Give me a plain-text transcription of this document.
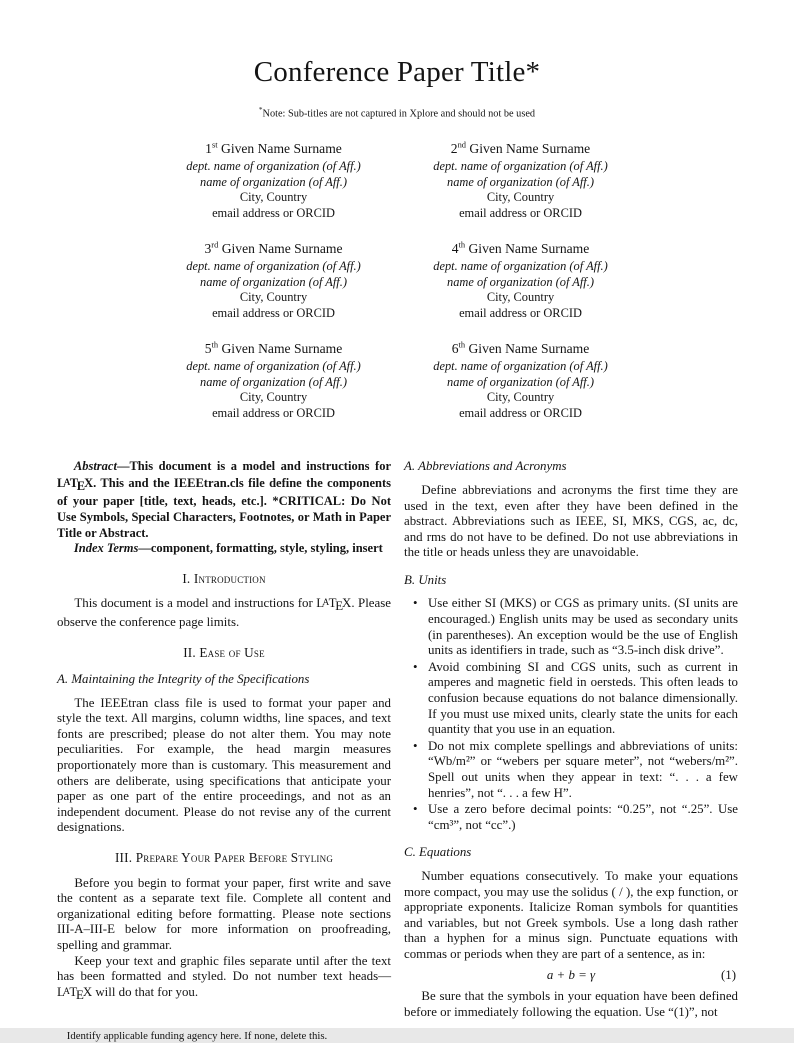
Conference Paper Title*
*Note: Sub-titles are not captured in Xplore and should not be used
1st Given Name Surname
dept. name of organization (of Aff.)
name of organization (of Aff.)
City, Country
email address or ORCID
2nd Given Name Surname
dept. name of organization (of Aff.)
name of organization (of Aff.)
City, Country
email address or ORCID
3rd Given Name Surname
dept. name of organization (of Aff.)
name of organization (of Aff.)
City, Country
email address or ORCID
4th Given Name Surname
dept. name of organization (of Aff.)
name of organization (of Aff.)
City, Country
email address or ORCID
5th Given Name Surname
dept. name of organization (of Aff.)
name of organization (of Aff.)
City, Country
email address or ORCID
6th Given Name Surname
dept. name of organization (of Aff.)
name of organization (of Aff.)
City, Country
email address or ORCID

Abstract—This document is a model and instructions for LATEX. This and the IEEEtran.cls file define the components of your paper [title, text, heads, etc.]. *CRITICAL: Do Not Use Symbols, Special Characters, Footnotes, or Math in Paper Title or Abstract.

Index Terms—component, formatting, style, styling, insert

I. Introduction

This document is a model and instructions for LATEX. Please observe the conference page limits.

II. Ease of Use
A. Maintaining the Integrity of the Specifications

The IEEEtran class file is used to format your paper and style the text. All margins, column widths, line spaces, and text fonts are prescribed; please do not alter them. You may note peculiarities. For example, the head margin measures proportionately more than is customary. This measurement and others are deliberate, using specifications that anticipate your paper as one part of the entire proceedings, and not as an independent document. Please do not revise any of the current designations.

III. Prepare Your Paper Before Styling

Before you begin to format your paper, first write and save the content as a separate text file. Complete all content and organizational editing before formatting. Please note sections III-A–III-E below for more information on proofreading, spelling and grammar.

Keep your text and graphic files separate until after the text has been formatted and styled. Do not number text heads—LATEX will do that for you.

Identify applicable funding agency here. If none, delete this.
A. Abbreviations and Acronyms

Define abbreviations and acronyms the first time they are used in the text, even after they have been defined in the abstract. Abbreviations such as IEEE, SI, MKS, CGS, ac, dc, and rms do not have to be defined. Do not use abbreviations in the title or heads unless they are unavoidable.

B. Units
• Use either SI (MKS) or CGS as primary units. (SI units are encouraged.) English units may be used as secondary units (in parentheses). An exception would be the use of English units as identifiers in trade, such as “3.5-inch disk drive”.
• Avoid combining SI and CGS units, such as current in amperes and magnetic field in oersteds. This often leads to confusion because equations do not balance dimensionally. If you must use mixed units, clearly state the units for each quantity that you use in an equation.
• Do not mix complete spellings and abbreviations of units: “Wb/m²” or “webers per square meter”, not “webers/m²”. Spell out units when they appear in text: “. . . a few henries”, not “. . . a few H”.
• Use a zero before decimal points: “0.25”, not “.25”. Use “cm³”, not “cc”.)
C. Equations

Number equations consecutively. To make your equations more compact, you may use the solidus ( / ), the exp function, or appropriate exponents. Italicize Roman symbols for quantities and variables, but not Greek symbols. Use a long dash rather than a hyphen for a minus sign. Punctuate equations with commas or periods when they are part of a sentence, as in:

a + b = γ	(1)

Be sure that the symbols in your equation have been defined before or immediately following the equation. Use “(1)”, not
